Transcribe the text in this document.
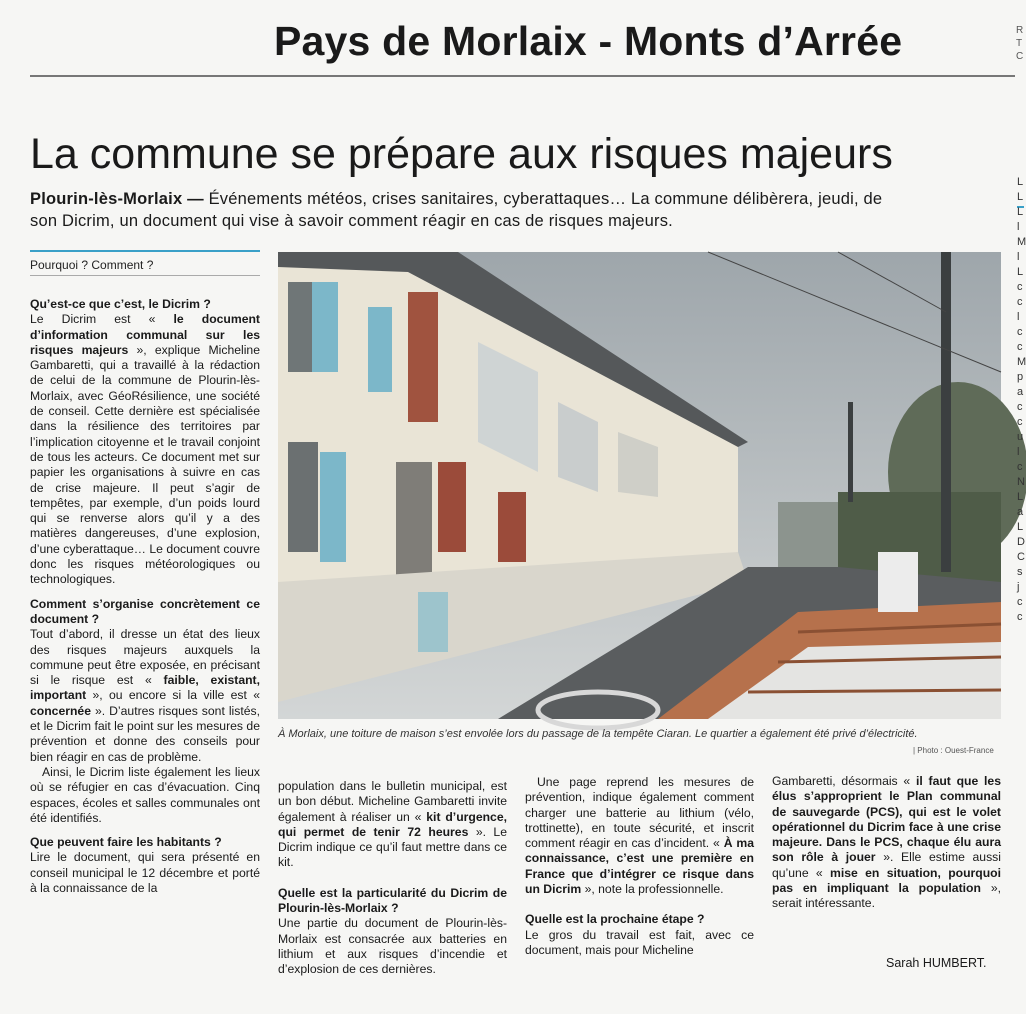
Pays de Morlaix - Monts d’Arrée	R
T
C
La commune se prépare aux risques majeurs
Plourin-lès-Morlaix — Événements météos, crises sanitaires, cyberattaques… La commune délibèrera, jeudi, de son Dicrim, un document qui vise à savoir comment réagir en cas de risques majeurs.
Pourquoi ? Comment ?

Qu’est-ce que c’est, le Dicrim ?

Le Dicrim est « le document d’information communal sur les risques majeurs », explique Micheline Gambaretti, qui a travaillé à la rédaction de celui de la commune de Plourin-lès-Morlaix, avec GéoRésilience, une société de conseil. Cette dernière est spécialisée dans la résilience des territoires par l’implication citoyenne et le travail conjoint de tous les acteurs. Ce document met sur papier les organisations à suivre en cas de crise majeure. Il peut s’agir de tempêtes, par exemple, d’un poids lourd qui se renverse alors qu’il y a des matières dangereuses, d’une explosion, d’une cyberattaque… Le document couvre donc les risques météorologiques ou technologiques.

Comment s’organise concrètement ce document ?

Tout d’abord, il dresse un état des lieux des risques majeurs auxquels la commune peut être exposée, en précisant si le risque est « faible, existant, important », ou encore si la ville est « concernée ». D’autres risques sont listés, et le Dicrim fait le point sur les mesures de prévention et donne des conseils pour bien réagir en cas de problème.

Ainsi, le Dicrim liste également les lieux où se réfugier en cas d’évacuation. Cinq espaces, écoles et salles communales ont été identifiés.

Que peuvent faire les habitants ?

Lire le document, qui sera présenté en conseil municipal le 12 décembre et porté à la connaissance de la

À Morlaix, une toiture de maison s’est envolée lors du passage de la tempête Ciaran. Le quartier a également été privé d’électricité.
| Photo : Ouest-France

population dans le bulletin municipal, est un bon début. Micheline Gambaretti invite également à réaliser un « kit d’urgence, qui permet de tenir 72 heures ». Le Dicrim indique ce qu’il faut mettre dans ce kit.

Quelle est la particularité du Dicrim de Plourin-lès-Morlaix ?

Une partie du document de Plourin-lès-Morlaix est consacrée aux batteries en lithium et aux risques d’incendie et d’explosion de ces dernières.

Une page reprend les mesures de prévention, indique également comment charger une batterie au lithium (vélo, trottinette), en toute sécurité, et inscrit comment réagir en cas d’incident. « À ma connaissance, c’est une première en France que d’intégrer ce risque dans un Dicrim », note la professionnelle.

Quelle est la prochaine étape ?

Le gros du travail est fait, avec ce document, mais pour Micheline

Gambaretti, désormais « il faut que les élus s’approprient le Plan communal de sauvegarde (PCS), qui est le volet opérationnel du Dicrim face à une crise majeure. Dans le PCS, chaque élu aura son rôle à jouer ». Elle estime aussi qu’une « mise en situation, pourquoi pas en impliquant la population », serait intéressante.

Sarah HUMBERT.
L
L
L
l
M
l
L
c
c
l
c
c
M
p
a
c
c
u
l
c
N
L
a
L
D
C
s
j
c
c
